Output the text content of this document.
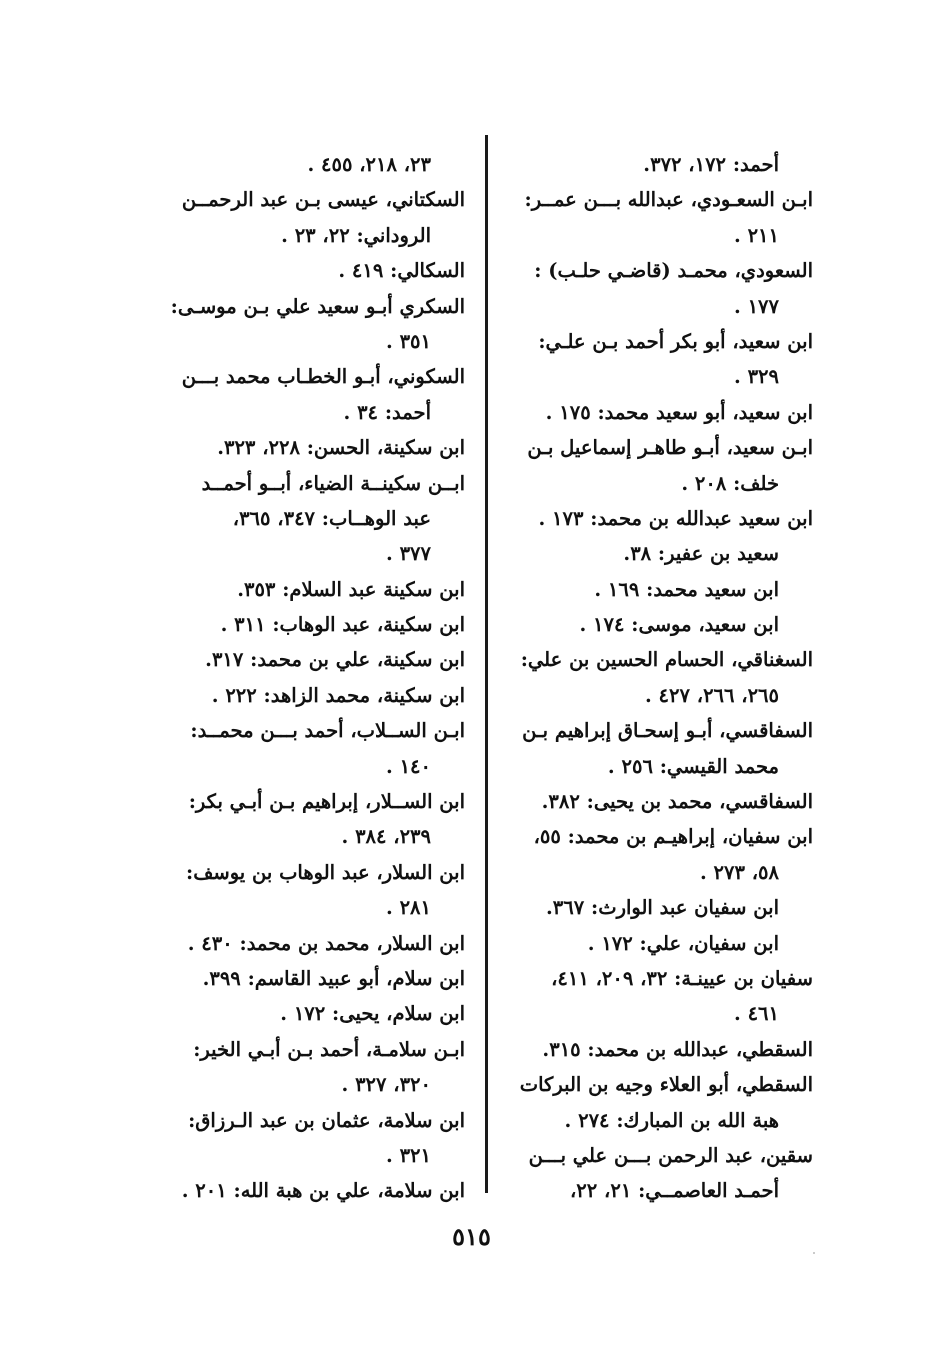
أحمد: ١٧٢، ٣٧٢.
ابـن السعـودي، عبدالله بـــن عمــر:
٢١١ .
السعودي، محمـد (قاضـي حلـب) :
١٧٧ .
ابن سعيد، أبو بكر أحمد بـن علـي:
٣٢٩ .
ابن سعيد، أبو سعيد محمد: ١٧٥ .
ابـن سعيد، أبـو طاهـر إسماعيل بـن
خلف: ٢٠٨ .
ابن سعيد عبدالله بن محمد: ١٧٣ .
سعيد بن عفير: ٣٨.
ابن سعيد محمد: ١٦٩ .
ابن سعيد، موسى: ١٧٤ .
السغناقي، الحسام الحسين بن علي:
٢٦٥، ٢٦٦، ٤٢٧ .
السفاقسي، أبـو إسحـاق إبراهيم بـن
محمد القيسي: ٢٥٦ .
السفاقسي، محمد بن يحيى: ٣٨٢.
ابن سفيان، إبراهيـم بن محمد: ٥٥،
٥٨، ٢٧٣ .
ابن سفيان عبد الوارث: ٣٦٧.
ابن سفيان، علي: ١٧٢ .
سفيان بن عيينـة: ٣٢، ٢٠٩، ٤١١،
٤٦١ .
السقطي، عبدالله بن محمد: ٣١٥.
السقطي، أبو العلاء وجيه بن البركات
هبة الله بن المبارك: ٢٧٤ .
سقين، عبد الرحمن بـــن علي بـــن
أحمـد العاصمــي: ٢١، ٢٢،
٢٣، ٢١٨، ٤٥٥ .
السكتاني، عيسى بـن عبد الرحمــن
الروداني: ٢٢، ٢٣ .
السكالي: ٤١٩ .
السكري أبـو سعيد علي بـن موسـى:
٣٥١ .
السكوني، أبـو الخطـاب محمد بـــن
أحمد: ٣٤ .
ابن سكينة، الحسن: ٢٢٨، ٣٢٣.
ابــن سكينــة الضياء، أبــو أحمــد
عبد الوهــاب: ٣٤٧، ٣٦٥،
٣٧٧ .
ابن سكينة عبد السلام: ٣٥٣.
ابن سكينة، عبد الوهاب: ٣١١ .
ابن سكينة، علي بن محمد: ٣١٧.
ابن سكينة، محمد الزاهد: ٢٢٢ .
ابـن الســلاب، أحمد بـــن محمــد:
١٤٠ .
ابن الســلار، إبراهيم بـن أبـي بكر:
٢٣٩، ٣٨٤ .
ابن السلار، عبد الوهاب بن يوسف:
٢٨١ .
ابن السلار، محمد بن محمد: ٤٣٠ .
ابن سلام، أبو عبيد القاسم: ٣٩٩.
ابن سلام، يحيى: ١٧٢ .
ابـن سلامـة، أحمد بـن أبـي الخير:
٣٢٠، ٣٢٧ .
ابن سلامة، عثمان بن عبد الـرزاق:
٣٢١ .
ابن سلامة، علي بن هبة الله: ٢٠١ .
٥١٥
